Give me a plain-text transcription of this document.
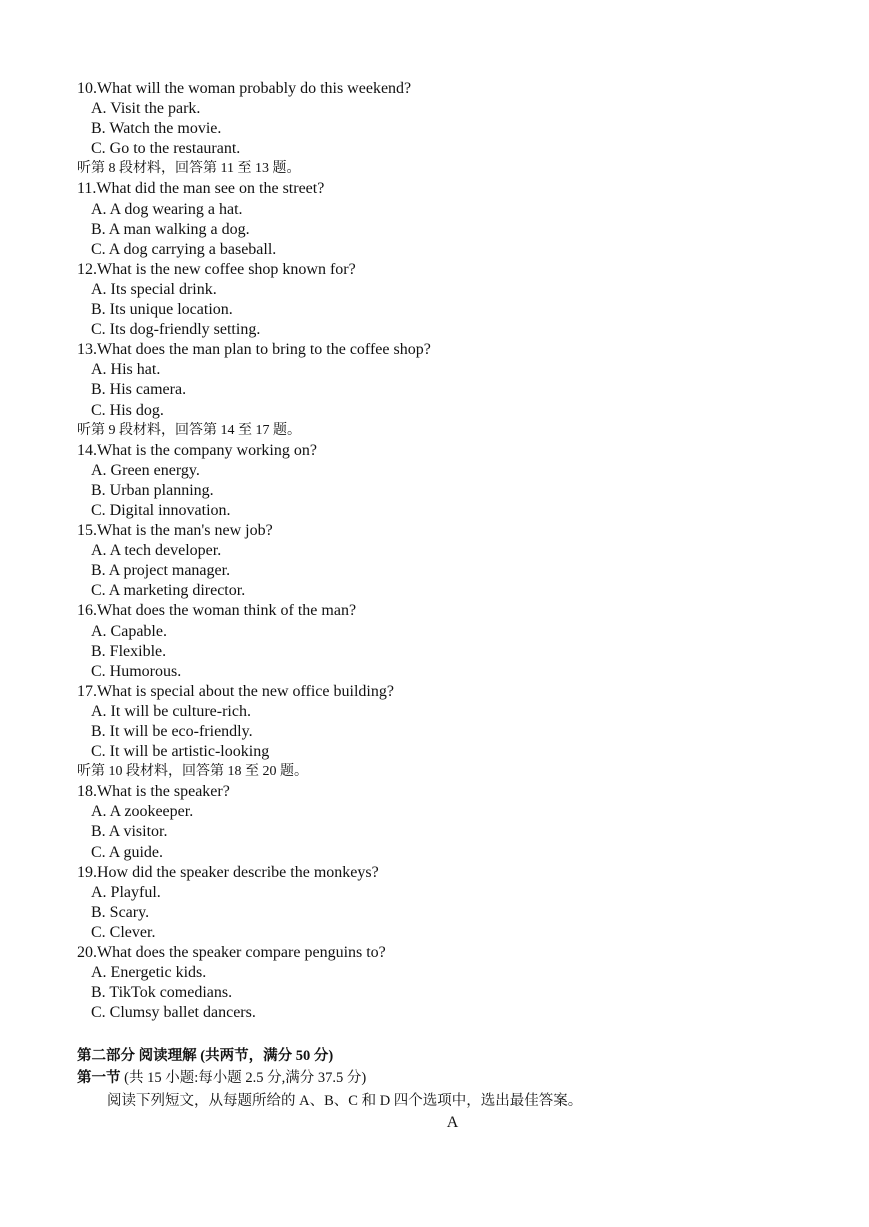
10.What will the woman probably do this weekend?
A. Visit the park.
B. Watch the movie.
C. Go to the restaurant.
听第 8 段材料，回答第 11 至 13 题。
11.What did the man see on the street?
A. A dog wearing a hat.
B. A man walking a dog.
C. A dog carrying a baseball.
12.What is the new coffee shop known for?
A. Its special drink.
B. Its unique location.
C. Its dog-friendly setting.
13.What does the man plan to bring to the coffee shop?
A. His hat.
B. His camera.
C. His dog.
听第 9 段材料，回答第 14 至 17 题。
14.What is the company working on?
A. Green energy.
B. Urban planning.
C. Digital innovation.
15.What is the man's new job?
A. A tech developer.
B. A project manager.
C. A marketing director.
16.What does the woman think of the man?
A. Capable.
B. Flexible.
C. Humorous.
17.What is special about the new office building?
A. It will be culture-rich.
B. It will be eco-friendly.
C. It will be artistic-looking
听第 10 段材料，回答第 18 至 20 题。
18.What is the speaker?
A. A zookeeper.
B. A visitor.
C. A guide.
19.How did the speaker describe the monkeys?
A. Playful.
B. Scary.
C. Clever.
20.What does the speaker compare penguins to?
A. Energetic kids.
B. TikTok comedians.
C. Clumsy ballet dancers.
第二部分 阅读理解 (共两节，满分 50 分)
第一节 (共 15 小题:每小题 2.5 分,满分 37.5 分)
阅读下列短文，从每题所给的 A、B、C 和 D 四个选项中，选出最佳答案。
A
